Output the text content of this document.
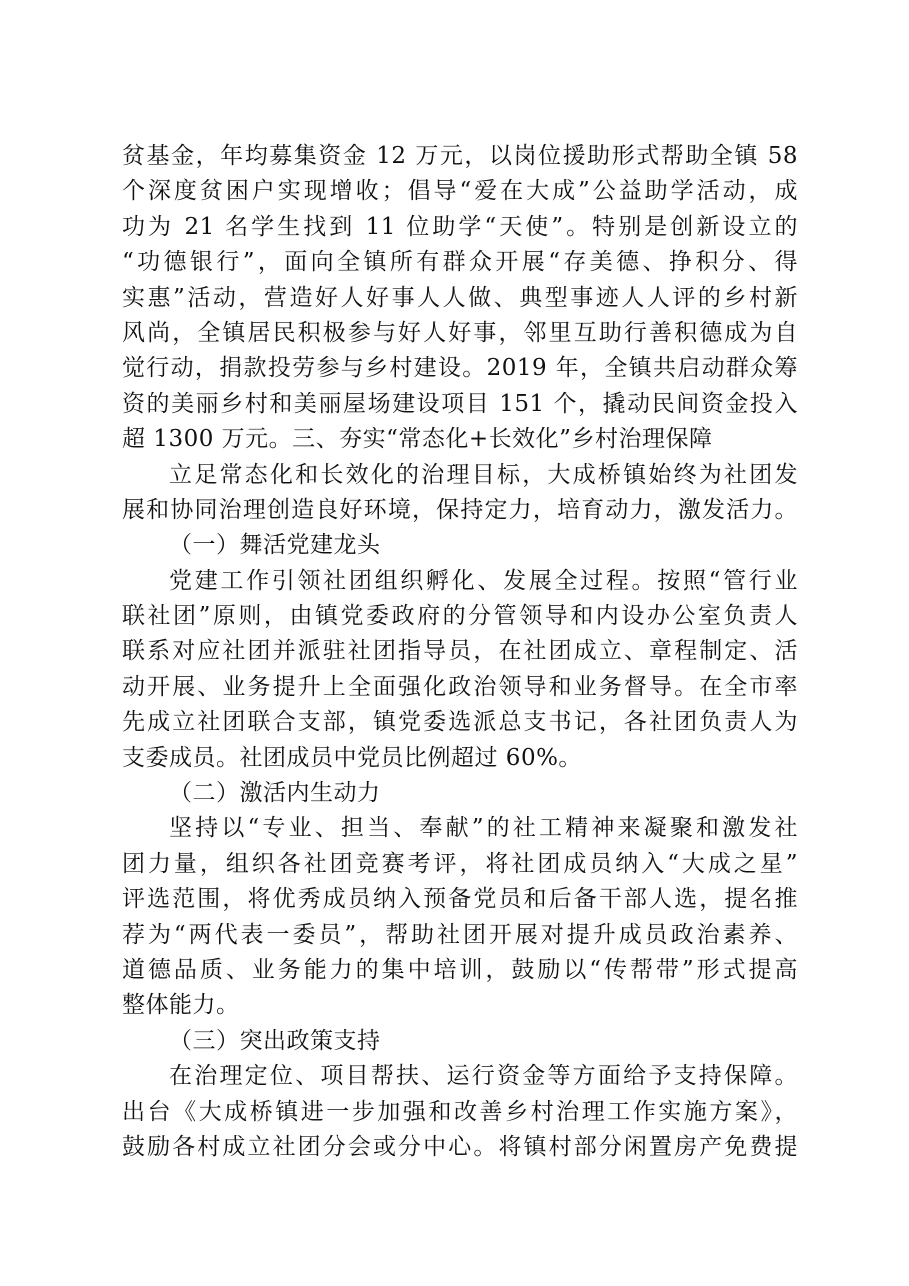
贫基金，年均募集资金 12 万元，以岗位援助形式帮助全镇 58
个深度贫困户实现增收；倡导“爱在大成”公益助学活动，成
功为 21 名学生找到 11 位助学“天使”。特别是创新设立的
“功德银行”，面向全镇所有群众开展“存美德、挣积分、得
实惠”活动，营造好人好事人人做、典型事迹人人评的乡村新
风尚，全镇居民积极参与好人好事，邻里互助行善积德成为自
觉行动，捐款投劳参与乡村建设。2019 年，全镇共启动群众筹
资的美丽乡村和美丽屋场建设项目 151 个，撬动民间资金投入
超 1300 万元。三、夯实“常态化+长效化”乡村治理保障
立足常态化和长效化的治理目标，大成桥镇始终为社团发
展和协同治理创造良好环境，保持定力，培育动力，激发活力。
（一）舞活党建龙头
党建工作引领社团组织孵化、发展全过程。按照“管行业
联社团”原则，由镇党委政府的分管领导和内设办公室负责人
联系对应社团并派驻社团指导员，在社团成立、章程制定、活
动开展、业务提升上全面强化政治领导和业务督导。在全市率
先成立社团联合支部，镇党委选派总支书记，各社团负责人为
支委成员。社团成员中党员比例超过 60%。
（二）激活内生动力
坚持以“专业、担当、奉献”的社工精神来凝聚和激发社
团力量，组织各社团竞赛考评，将社团成员纳入“大成之星”
评选范围，将优秀成员纳入预备党员和后备干部人选，提名推
荐为“两代表一委员”，帮助社团开展对提升成员政治素养、
道德品质、业务能力的集中培训，鼓励以“传帮带”形式提高
整体能力。
（三）突出政策支持
在治理定位、项目帮扶、运行资金等方面给予支持保障。
出台《大成桥镇进一步加强和改善乡村治理工作实施方案》，
鼓励各村成立社团分会或分中心。将镇村部分闲置房产免费提
